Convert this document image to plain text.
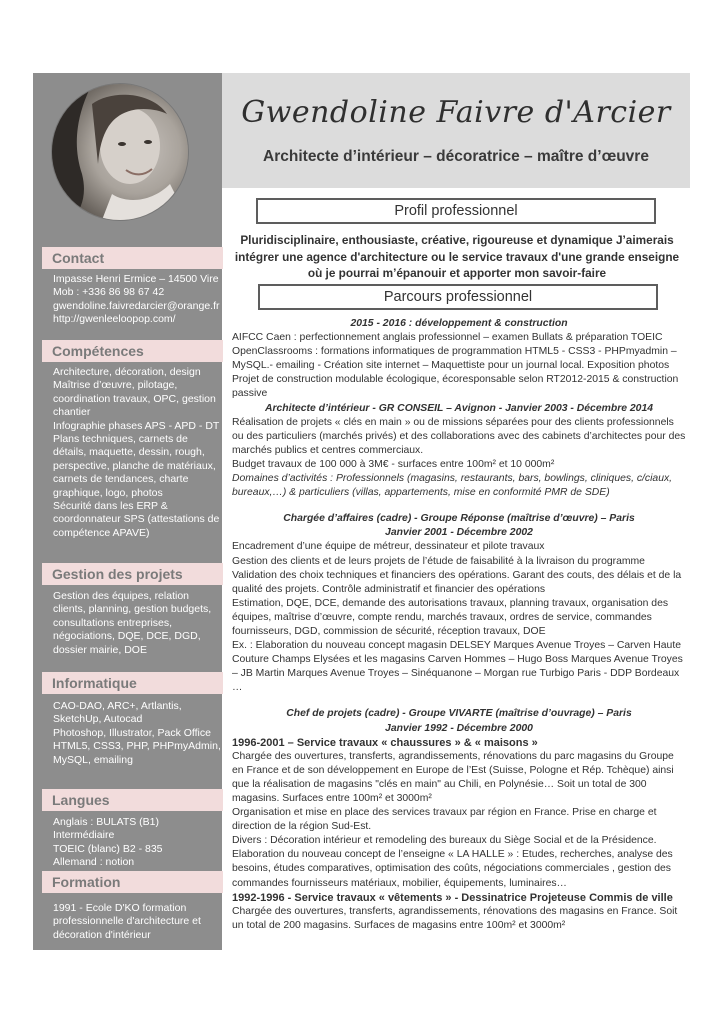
Contact
Impasse Henri Ermice – 14500 Vire
Mob : +336 86 98 67 42
gwendoline.faivredarcier@orange.fr
http://gwenleeloopop.com/
Compétences
Architecture, décoration, design
Maîtrise d’œuvre, pilotage, coordination travaux, OPC, gestion chantier
Infographie phases APS - APD - DT
Plans techniques, carnets de détails, maquette, dessin, rough, perspective, planche de matériaux, carnets de tendances, charte graphique, logo, photos
Sécurité dans les ERP & coordonnateur SPS (attestations de compétence APAVE)
Gestion des projets
Gestion des équipes, relation clients, planning, gestion budgets, consultations entreprises, négociations, DQE, DCE, DGD, dossier mairie, DOE
Informatique
CAO-DAO, ARC+, Artlantis, SketchUp, Autocad
Photoshop, Illustrator, Pack Office
HTML5, CSS3, PHP, PHPmyAdmin, MySQL, emailing
Langues
Anglais : BULATS (B1) Intermédiaire
TOEIC (blanc) B2 - 835
Allemand : notion
Formation
1991 - Ecole D'KO formation professionnelle d'architecture et décoration d'intérieur
Gwendoline Faivre d'Arcier
Architecte d’intérieur – décoratrice – maître d’œuvre
Profil professionnel
Pluridisciplinaire, enthousiaste, créative, rigoureuse et dynamique J’aimerais intégrer une agence d'architecture ou le service travaux d'une grande enseigne où je pourrai m’épanouir et apporter mon savoir-faire
Parcours professionnel
2015 - 2016 : développement & construction
AIFCC Caen : perfectionnement anglais professionnel – examen Bullats & préparation TOEIC
OpenClassrooms : formations informatiques de programmation HTML5 - CSS3 - PHPmyadmin – MySQL.- emailing - Création site internet – Maquettiste pour un journal local. Exposition photos
Projet de construction modulable écologique, écoresponsable selon RT2012-2015 & construction passive
Architecte d’intérieur - GR CONSEIL – Avignon - Janvier 2003 - Décembre 2014
Réalisation de projets « clés en main » ou de missions séparées pour des clients professionnels ou des particuliers (marchés privés) et des collaborations avec des cabinets d’architectes pour des marchés publics et centres commerciaux.
Budget travaux de 100 000 à 3M€ - surfaces entre 100m² et 10 000m²
Domaines d’activités : Professionnels (magasins, restaurants, bars, bowlings, cliniques, c/ciaux, bureaux,…) & particuliers (villas, appartements, mise en conformité PMR de SDE)
Chargée d’affaires (cadre) - Groupe Réponse (maîtrise d’œuvre) – Paris
Janvier 2001 - Décembre 2002
Encadrement d’une équipe de métreur, dessinateur et pilote travaux
Gestion des clients et de leurs projets de l’étude de faisabilité à la livraison du programme
Validation des choix techniques et financiers des opérations. Garant des couts, des délais et de la qualité des projets. Contrôle administratif et financier des opérations
Estimation, DQE, DCE, demande des autorisations travaux, planning travaux, organisation des équipes, maîtrise d’œuvre, compte rendu, marchés travaux, ordres de service, commandes fournisseurs, DGD, commission de sécurité, réception travaux, DOE
Ex. : Elaboration du nouveau concept magasin DELSEY Marques Avenue Troyes – Carven Haute Couture Champs Elysées et les magasins Carven Hommes – Hugo Boss Marques Avenue Troyes – JB Martin Marques Avenue Troyes – Sinéquanone – Morgan rue Turbigo Paris - DDP Bordeaux …
Chef de projets (cadre) - Groupe VIVARTE (maîtrise d’ouvrage) – Paris
Janvier 1992 - Décembre 2000
1996-2001 – Service travaux « chaussures » & « maisons »
Chargée des ouvertures, transferts, agrandissements, rénovations du parc magasins du Groupe en France et de son développement en Europe de l’Est (Suisse, Pologne et Rép. Tchèque) ainsi que la réalisation de magasins "clés en main" au Chili, en Polynésie… Soit un total de 300 magasins. Surfaces entre 100m² et 3000m²
Organisation et mise en place des services travaux par région en France. Prise en charge et direction de la région Sud-Est.
Divers : Décoration intérieur et remodeling des bureaux du Siège Social et de la Présidence.
Elaboration du nouveau concept de l’enseigne « LA HALLE » : Etudes, recherches, analyse des besoins, études comparatives, optimisation des coûts, négociations commerciales , gestion des commandes fournisseurs matériaux, mobilier, équipements, luminaires…
1992-1996 - Service travaux « vêtements » - Dessinatrice Projeteuse Commis de ville
Chargée des ouvertures, transferts, agrandissements, rénovations des magasins en France. Soit un total de 200 magasins. Surfaces de magasins entre 100m² et 3000m²
